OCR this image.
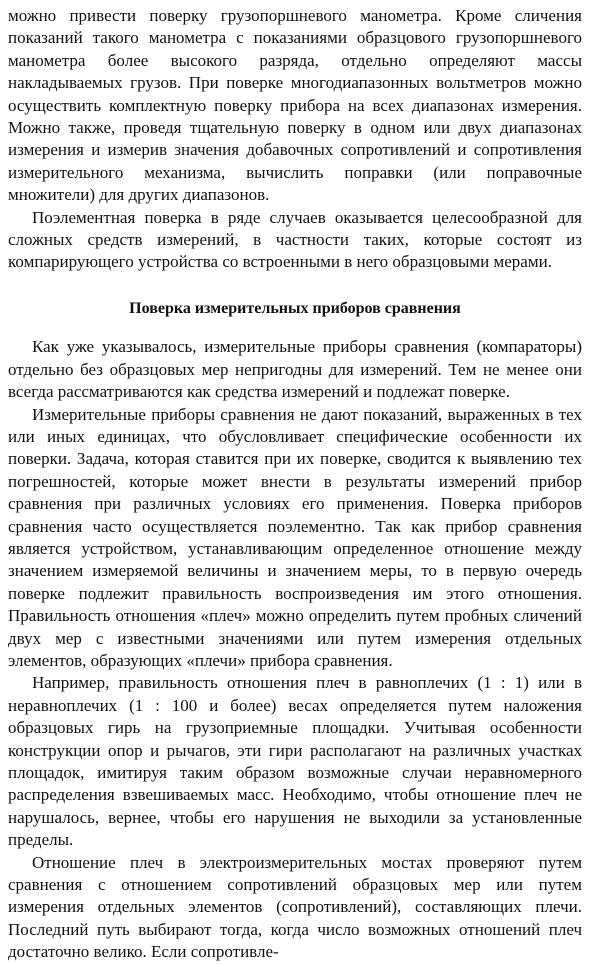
можно привести поверку грузопоршневого манометра. Кроме сличения показаний такого манометра с показаниями образцового грузопоршневого манометра более высокого разряда, отдельно определяют массы накладываемых грузов. При поверке многодиапазонных вольтметров можно осуществить комплектную поверку прибора на всех диапазонах измерения. Можно также, проведя тщательную поверку в одном или двух диапазонах измерения и измерив значения добавочных сопротивлений и сопротивления измерительного механизма, вычислить поправки (или поправочные множители) для других диапазонов.

Поэлементная поверка в ряде случаев оказывается целесообразной для сложных средств измерений, в частности таких, которые состоят из компарирующего устройства со встроенными в него образцовыми мерами.

Поверка измерительных приборов сравнения

Как уже указывалось, измерительные приборы сравнения (компараторы) отдельно без образцовых мер непригодны для измерений. Тем не менее они всегда рассматриваются как средства измерений и подлежат поверке.

Измерительные приборы сравнения не дают показаний, выраженных в тех или иных единицах, что обусловливает специфические особенности их поверки. Задача, которая ставится при их поверке, сводится к выявлению тех погрешностей, которые может внести в результаты измерений прибор сравнения при различных условиях его применения. Поверка приборов сравнения часто осуществляется поэлементно. Так как прибор сравнения является устройством, устанавливающим определенное отношение между значением измеряемой величины и значением меры, то в первую очередь поверке подлежит правильность воспроизведения им этого отношения. Правильность отношения «плеч» можно определить путем пробных сличений двух мер с известными значениями или путем измерения отдельных элементов, образующих «плечи» прибора сравнения.

Например, правильность отношения плеч в равноплечих (1 : 1) или в неравноплечих (1 : 100 и более) весах определяется путем наложения образцовых гирь на грузоприемные площадки. Учитывая особенности конструкции опор и рычагов, эти гири располагают на различных участках площадок, имитируя таким образом возможные случаи неравномерного распределения взвешиваемых масс. Необходимо, чтобы отношение плеч не нарушалось, вернее, чтобы его нарушения не выходили за установленные пределы.

Отношение плеч в электроизмерительных мостах проверяют путем сравнения с отношением сопротивлений образцовых мер или путем измерения отдельных элементов (сопротивлений), составляющих плечи. Последний путь выбирают тогда, когда число возможных отношений плеч достаточно велико. Если сопротивле-
